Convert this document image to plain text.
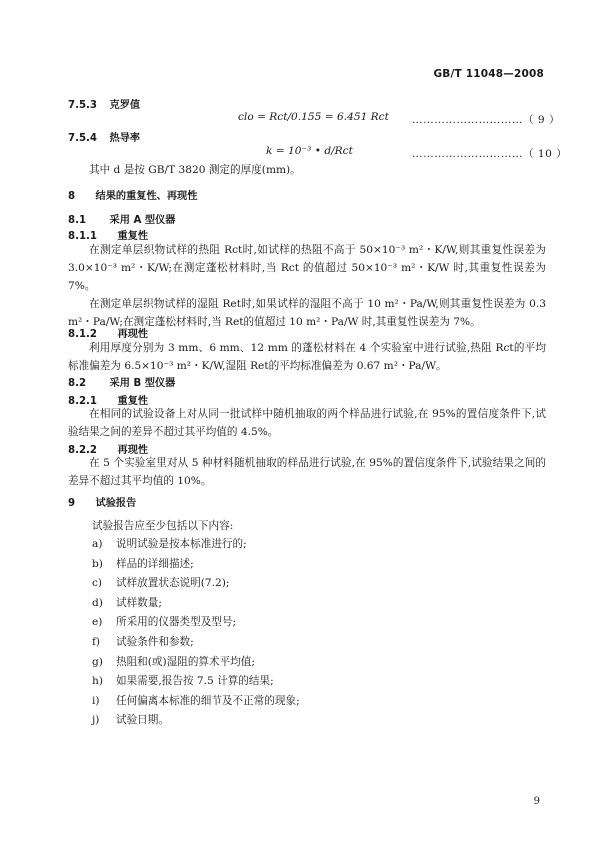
GB/T 11048—2008
7.5.3 克罗值
clo = Rct/0.155 = 6.451 Rct …………………………（ 9 ）
7.5.4 热导率
k = 10⁻³ • d/Rct	…………………………（ 10 ）
其中 d 是按 GB/T 3820 测定的厚度(mm)。
8 结果的重复性、再现性
8.1 采用 A 型仪器
8.1.1 重复性
在测定单层织物试样的热阻 Rct时,如试样的热阻不高于 50×10⁻³ m²・K/W,则其重复性误差为 3.0×10⁻³ m²・K/W;在测定蓬松材料时,当 Rct 的值超过 50×10⁻³ m²・K/W 时,其重复性误差为 7%。
在测定单层织物试样的湿阻 Ret时,如果试样的湿阻不高于 10 m²・Pa/W,则其重复性误差为 0.3 m²・Pa/W;在测定蓬松材料时,当 Ret的值超过 10 m²・Pa/W 时,其重复性误差为 7%。
8.1.2 再现性
利用厚度分别为 3 mm、6 mm、12 mm 的蓬松材料在 4 个实验室中进行试验,热阻 Rct的平均标准偏差为 6.5×10⁻³ m²・K/W,湿阻 Ret的平均标准偏差为 0.67 m²・Pa/W。
8.2 采用 B 型仪器
8.2.1 重复性
在相同的试验设备上对从同一批试样中随机抽取的两个样品进行试验,在 95%的置信度条件下,试验结果之间的差异不超过其平均值的 4.5%。
8.2.2 再现性
在 5 个实验室里对从 5 种材料随机抽取的样品进行试验,在 95%的置信度条件下,试验结果之间的差异不超过其平均值的 10%。
9 试验报告
试验报告应至少包括以下内容:
a) 说明试验是按本标准进行的;
b) 样品的详细描述;
c) 试样放置状态说明(7.2);
d) 试样数量;
e) 所采用的仪器类型及型号;
f) 试验条件和参数;
g) 热阻和(或)湿阻的算术平均值;
h) 如果需要,报告按 7.5 计算的结果;
i) 任何偏离本标准的细节及不正常的现象;
j) 试验日期。
9
